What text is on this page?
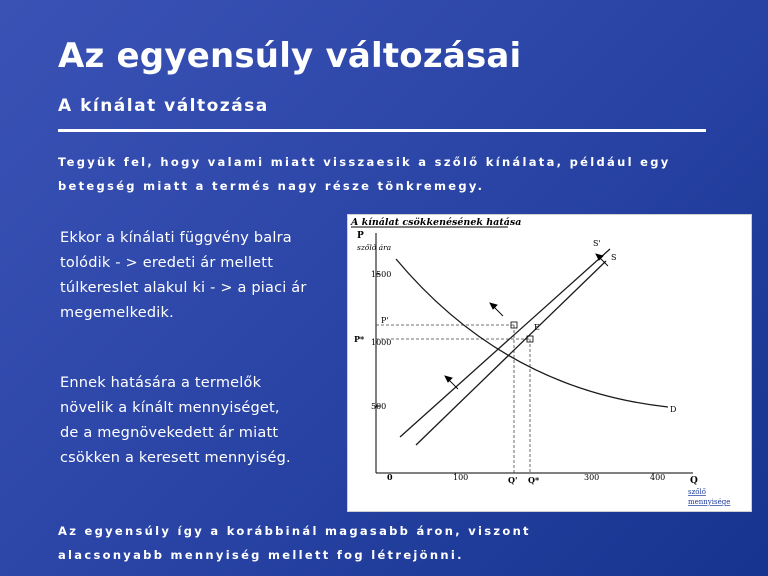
Az egyensúly változásai
A kínálat változása
Tegyük fel, hogy valami miatt visszaesik a szőlő kínálata, például egy
betegség miatt a termés nagy része tönkremegy.
Ekkor a kínálati függvény balra
tolódik - > eredeti ár mellett
túlkereslet alakul ki - > a piaci ár
megemelkedik.
Ennek hatására a termelők
növelik a kínált mennyiséget,
de a megnövekedett ár miatt
csökken a keresett mennyiség.
A kínálat csökkenésének hatása
P
szőlő ára
Q
szőlő
mennyisége
1500
1000
500
0	100	300	400
P'
P*
Q' Q*
S'
S
D
E
Az egyensúly így a korábbinál magasabb áron, viszont
alacsonyabb mennyiség mellett fog létrejönni.
